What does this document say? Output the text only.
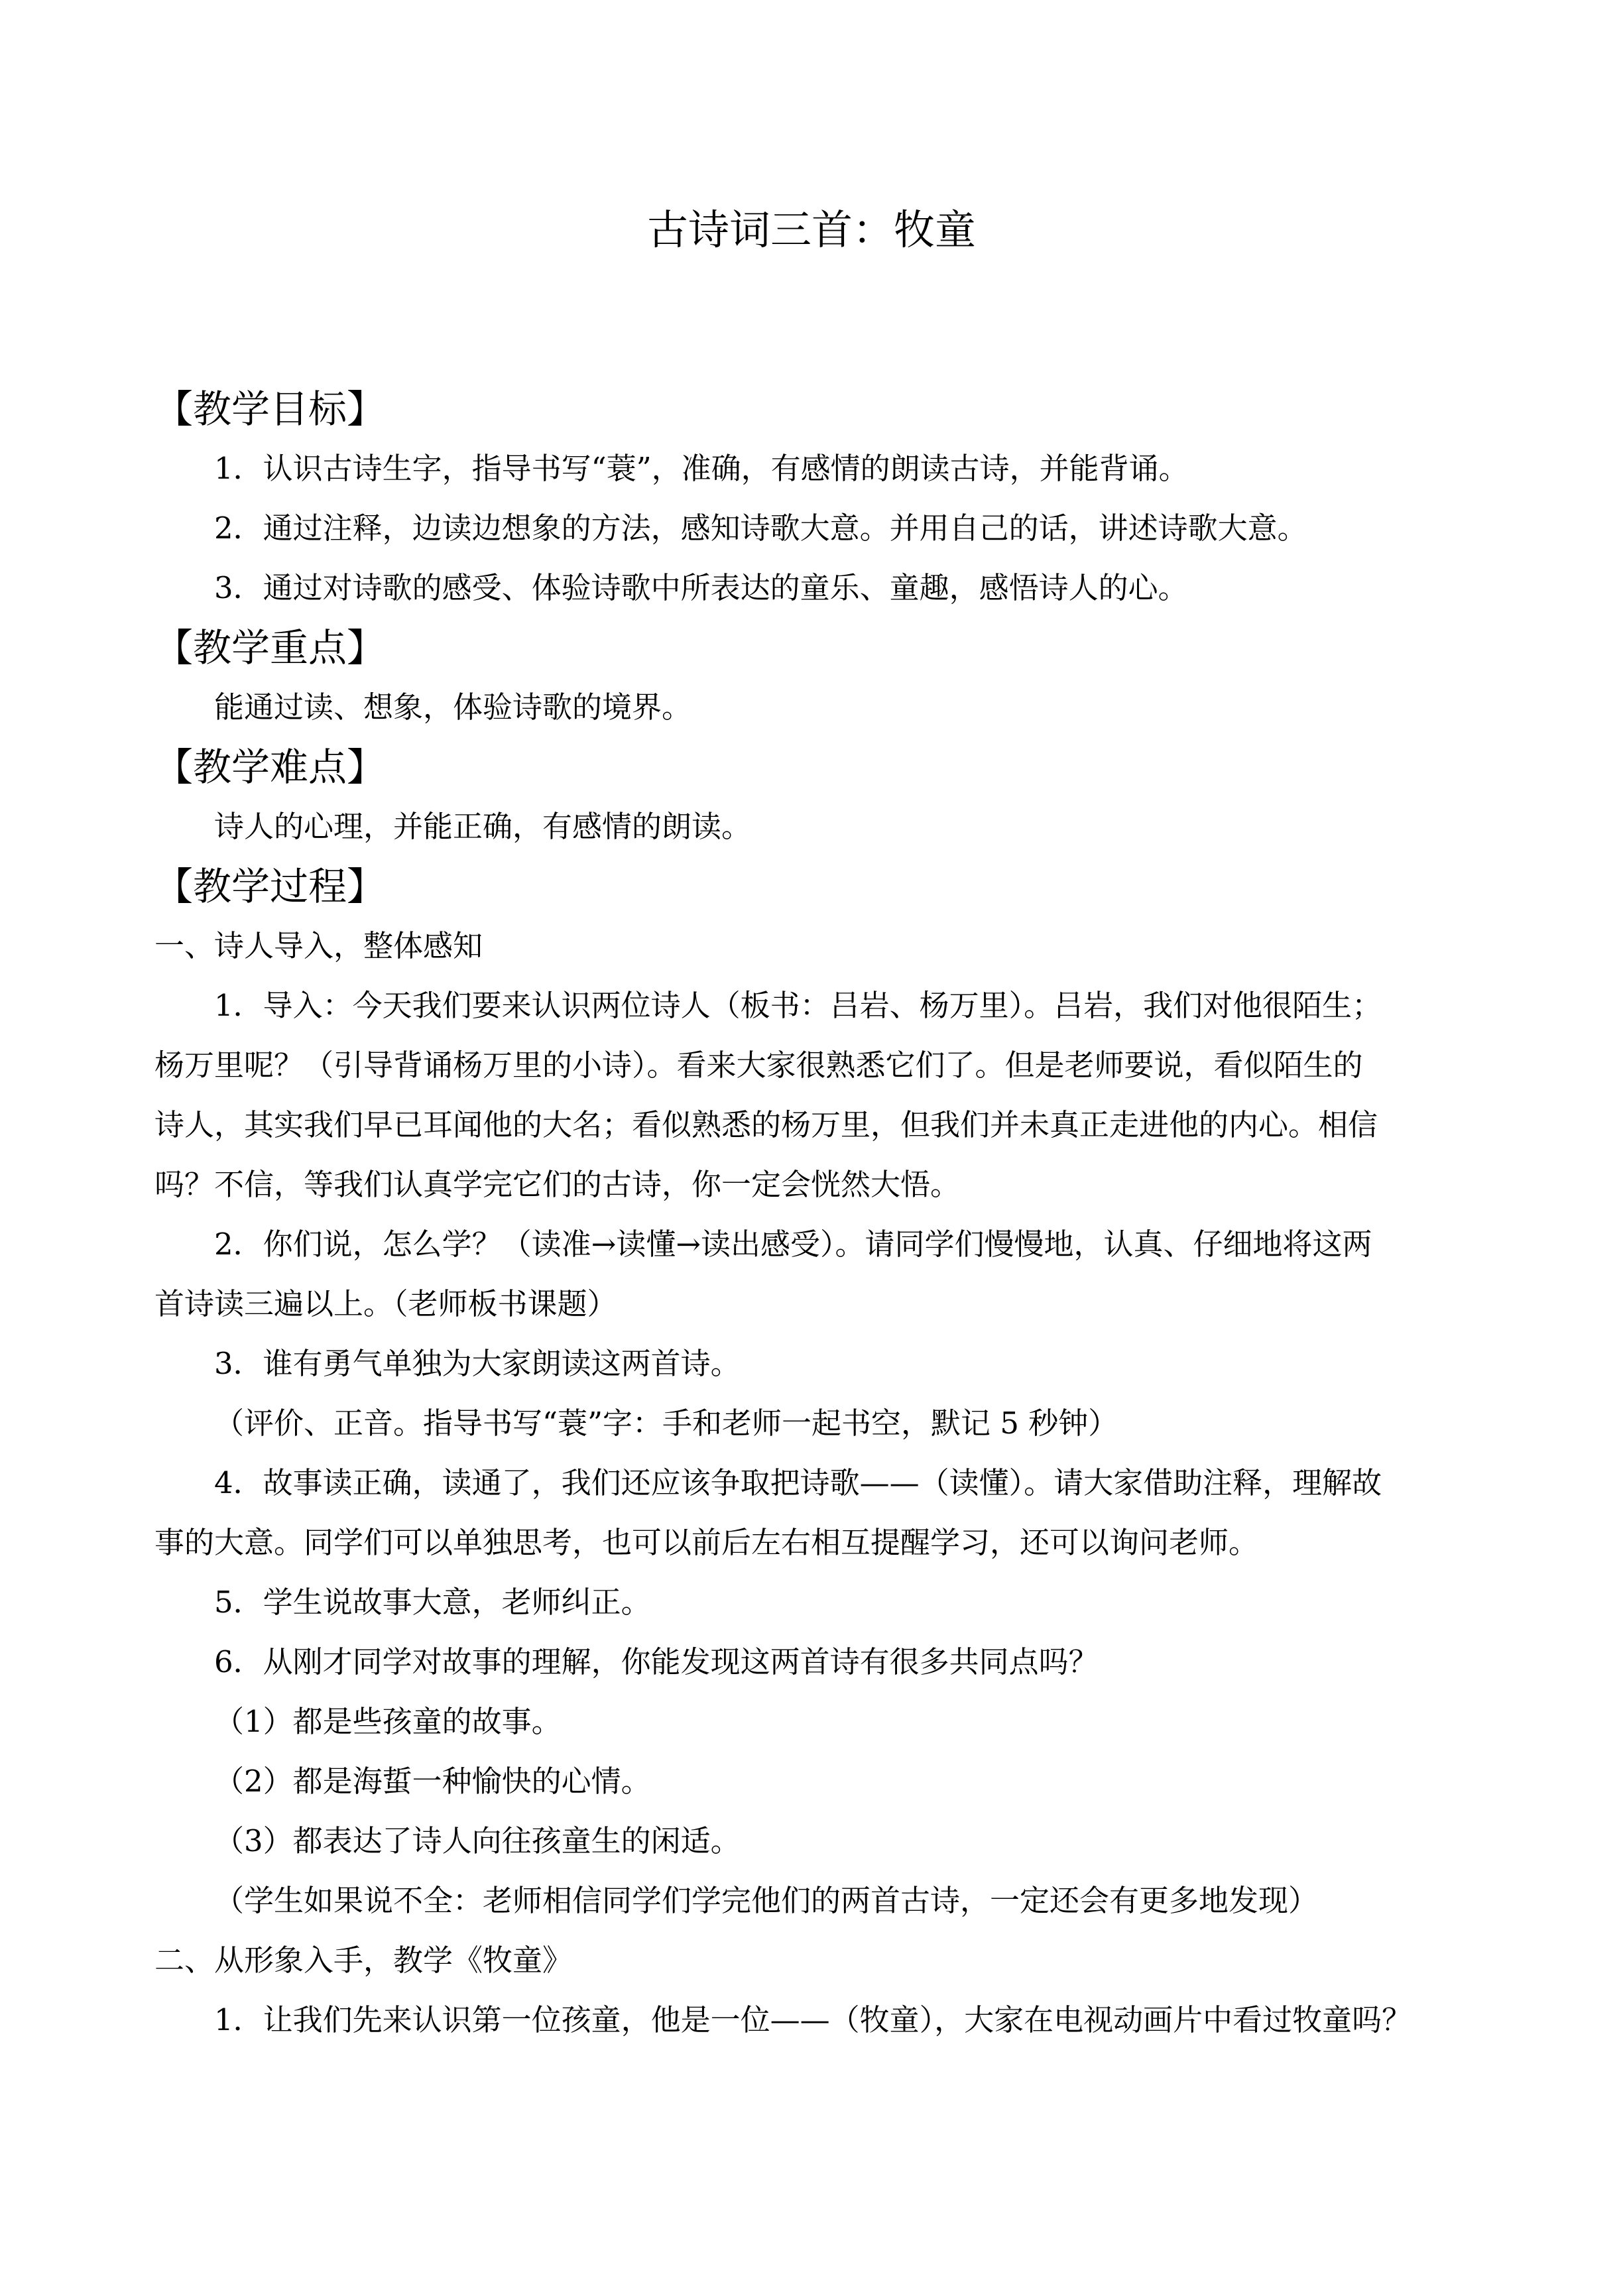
古诗词三首：牧童

【教学目标】

1．认识古诗生字，指导书写“蓑”，准确，有感情的朗读古诗，并能背诵。

2．通过注释，边读边想象的方法，感知诗歌大意。并用自己的话，讲述诗歌大意。

3．通过对诗歌的感受、体验诗歌中所表达的童乐、童趣，感悟诗人的心。

【教学重点】

能通过读、想象，体验诗歌的境界。

【教学难点】

诗人的心理，并能正确，有感情的朗读。

【教学过程】

一、诗人导入，整体感知

1．导入：今天我们要来认识两位诗人（板书：吕岩、杨万里）。吕岩，我们对他很陌生；

杨万里呢？（引导背诵杨万里的小诗）。看来大家很熟悉它们了。但是老师要说，看似陌生的

诗人，其实我们早已耳闻他的大名；看似熟悉的杨万里，但我们并未真正走进他的内心。相信

吗？不信，等我们认真学完它们的古诗，你一定会恍然大悟。

2．你们说，怎么学？（读准→读懂→读出感受）。请同学们慢慢地，认真、仔细地将这两

首诗读三遍以上。（老师板书课题）

3．谁有勇气单独为大家朗读这两首诗。

（评价、正音。指导书写“蓑”字：手和老师一起书空，默记 5 秒钟）

4．故事读正确，读通了，我们还应该争取把诗歌——（读懂）。请大家借助注释，理解故

事的大意。同学们可以单独思考，也可以前后左右相互提醒学习，还可以询问老师。

5．学生说故事大意，老师纠正。

6．从刚才同学对故事的理解，你能发现这两首诗有很多共同点吗？

（1）都是些孩童的故事。

（2）都是海蜇一种愉快的心情。

（3）都表达了诗人向往孩童生的闲适。

（学生如果说不全：老师相信同学们学完他们的两首古诗，一定还会有更多地发现）

二、从形象入手，教学《牧童》

1．让我们先来认识第一位孩童，他是一位——（牧童），大家在电视动画片中看过牧童吗？
